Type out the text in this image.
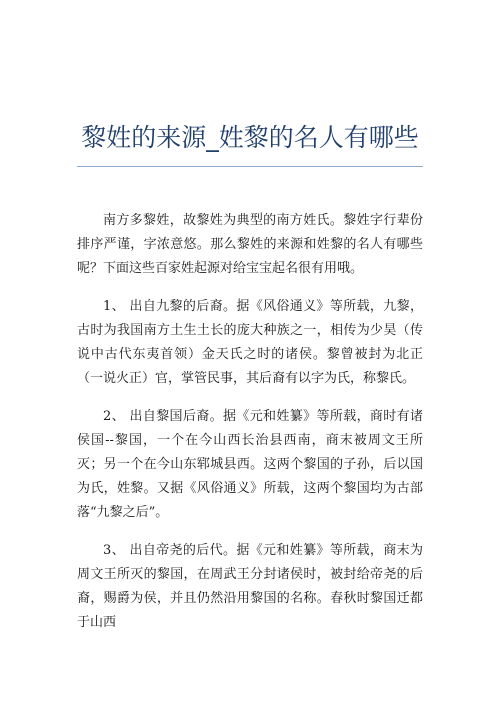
黎姓的来源_姓黎的名人有哪些

南方多黎姓，故黎姓为典型的南方姓氏。黎姓字行辈份排序严谨，字浓意悠。那么黎姓的来源和姓黎的名人有哪些呢？下面这些百家姓起源对给宝宝起名很有用哦。

1、 出自九黎的后裔。据《风俗通义》等所载，九黎，古时为我国南方土生土长的庞大种族之一，相传为少昊（传说中古代东夷首领）金天氏之时的诸侯。黎曾被封为北正（一说火正）官，掌管民事，其后裔有以字为氏，称黎氏。

2、 出自黎国后裔。据《元和姓纂》等所载，商时有诸侯国--黎国，一个在今山西长治县西南，商末被周文王所灭；另一个在今山东郓城县西。这两个黎国的子孙，后以国为氏，姓黎。又据《风俗通义》所载，这两个黎国均为古部落“九黎之后”。

3、 出自帝尧的后代。据《元和姓纂》等所载，商末为周文王所灭的黎国，在周武王分封诸侯时，被封给帝尧的后裔，赐爵为侯，并且仍然沿用黎国的名称。春秋时黎国迁都于山西
